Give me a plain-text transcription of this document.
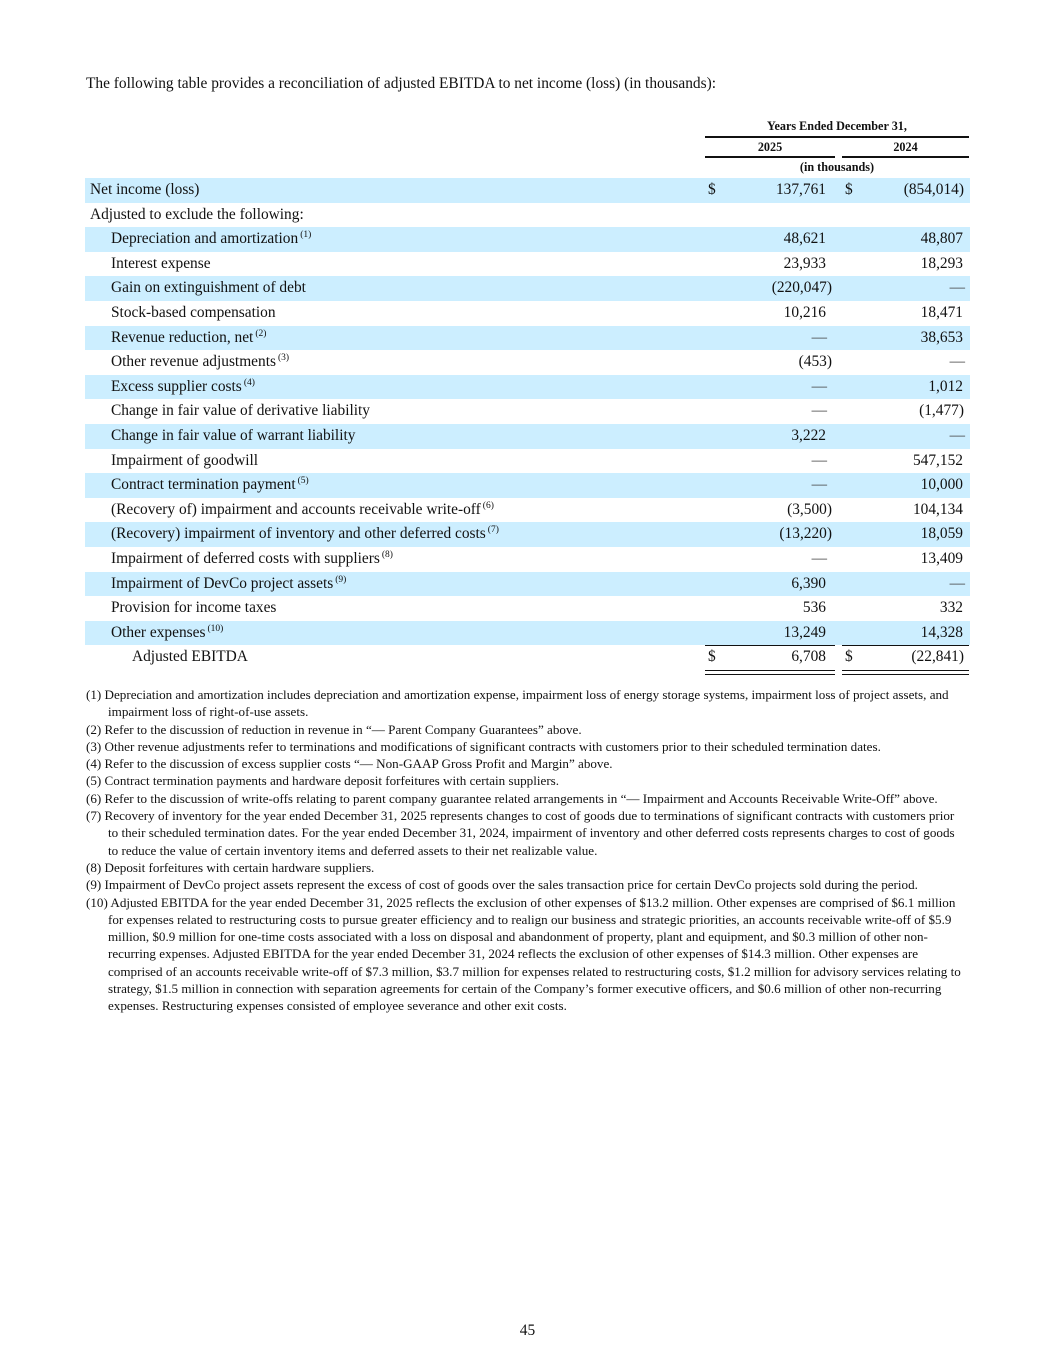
The following table provides a reconciliation of adjusted EBITDA to net income (loss) (in thousands):
Years Ended December 31,
2025	2024
(in thousands)
Net income (loss)	$	137,761 $	(854,014)
Adjusted to exclude the following:
Depreciation and amortization $^{(1)}$	48,621	48,807
Interest expense	23,933	18,293
Gain on extinguishment of debt	(220,047)	—
Stock-based compensation	10,216	18,471
Revenue reduction, net $^{(2)}$	—	38,653
Other revenue adjustments $^{(3)}$	(453)	—
Excess supplier costs $^{(4)}$	—	1,012
Change in fair value of derivative liability	—	(1,477)
Change in fair value of warrant liability	3,222	—
Impairment of goodwill	—	547,152
Contract termination payment $^{(5)}$	—	10,000
(Recovery of) impairment and accounts receivable write-off $^{(6)}$	(3,500)	104,134
(Recovery) impairment of inventory and other deferred costs $^{(7)}$	(13,220)	18,059
Impairment of deferred costs with suppliers $^{(8)}$	—	13,409
Impairment of DevCo project assets $^{(9)}$	6,390	—
Provision for income taxes	536	332
Other expenses $^{(10)}$	13,249	14,328
Adjusted EBITDA	$	6,708 $	(22,841)

(1) Depreciation and amortization includes depreciation and amortization expense, impairment loss of energy storage systems, impairment loss of project assets, and impairment loss of right-of-use assets.

(2) Refer to the discussion of reduction in revenue in “— Parent Company Guarantees” above.

(3) Other revenue adjustments refer to terminations and modifications of significant contracts with customers prior to their scheduled termination dates.

(4) Refer to the discussion of excess supplier costs “— Non-GAAP Gross Profit and Margin” above.

(5) Contract termination payments and hardware deposit forfeitures with certain suppliers.

(6) Refer to the discussion of write-offs relating to parent company guarantee related arrangements in “— Impairment and Accounts Receivable Write-Off” above.

(7) Recovery of inventory for the year ended December 31, 2025 represents changes to cost of goods due to terminations of significant contracts with customers prior to their scheduled termination dates. For the year ended December 31, 2024, impairment of inventory and other deferred costs represents charges to cost of goods to reduce the value of certain inventory items and deferred assets to their net realizable value.

(8) Deposit forfeitures with certain hardware suppliers.

(9) Impairment of DevCo project assets represent the excess of cost of goods over the sales transaction price for certain DevCo projects sold during the period.

(10) Adjusted EBITDA for the year ended December 31, 2025 reflects the exclusion of other expenses of $13.2 million. Other expenses are comprised of $6.1 million for expenses related to restructuring costs to pursue greater efficiency and to realign our business and strategic priorities, an accounts receivable write-off of $5.9 million, $0.9 million for one-time costs associated with a loss on disposal and abandonment of property, plant and equipment, and $0.3 million of other non-recurring expenses. Adjusted EBITDA for the year ended December 31, 2024 reflects the exclusion of other expenses of $14.3 million. Other expenses are comprised of an accounts receivable write-off of $7.3 million, $3.7 million for expenses related to restructuring costs, $1.2 million for advisory services relating to strategy, $1.5 million in connection with separation agreements for certain of the Company’s former executive officers, and $0.6 million of other non-recurring expenses. Restructuring expenses consisted of employee severance and other exit costs.

45
